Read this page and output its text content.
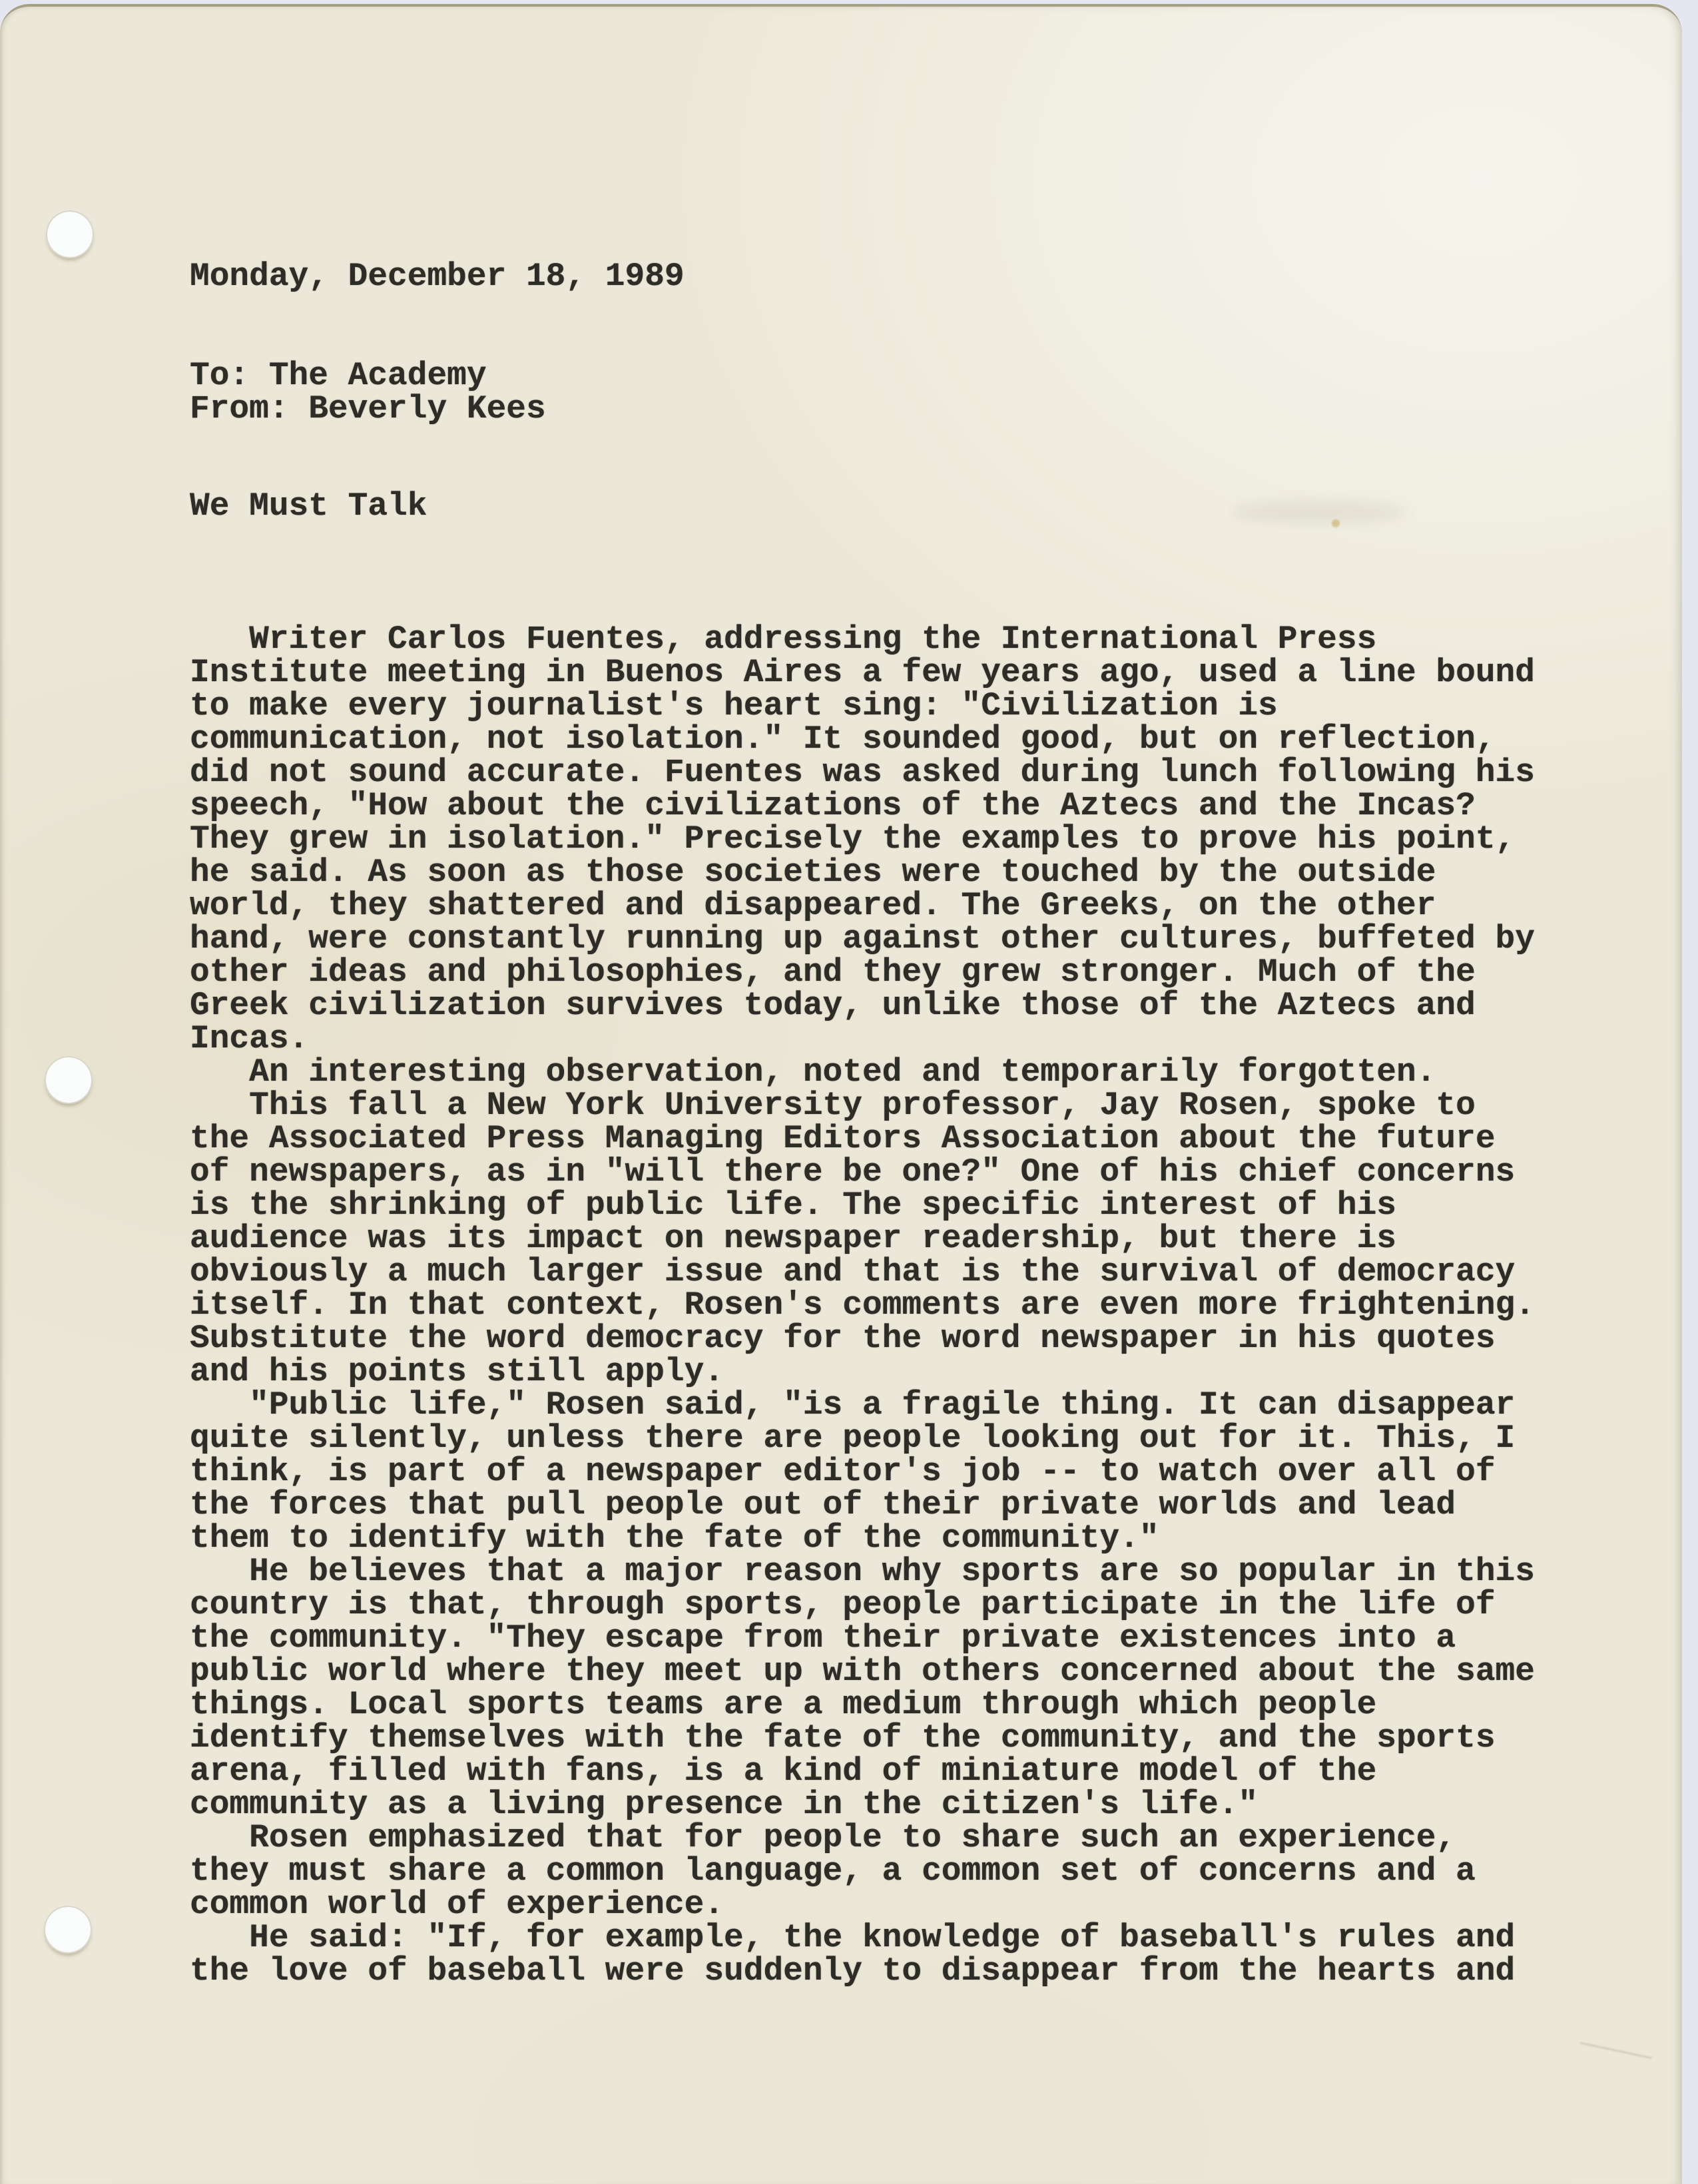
Monday, December 18, 1989
To: The Academy
From: Beverly Kees
We Must Talk
Writer Carlos Fuentes, addressing the International Press
Institute meeting in Buenos Aires a few years ago, used a line bound
to make every journalist's heart sing: "Civilization is
communication, not isolation." It sounded good, but on reflection,
did not sound accurate. Fuentes was asked during lunch following his
speech, "How about the civilizations of the Aztecs and the Incas?
They grew in isolation." Precisely the examples to prove his point,
he said. As soon as those societies were touched by the outside
world, they shattered and disappeared. The Greeks, on the other
hand, were constantly running up against other cultures, buffeted by
other ideas and philosophies, and they grew stronger. Much of the
Greek civilization survives today, unlike those of the Aztecs and
Incas.
An interesting observation, noted and temporarily forgotten.
This fall a New York University professor, Jay Rosen, spoke to
the Associated Press Managing Editors Association about the future
of newspapers, as in "will there be one?" One of his chief concerns
is the shrinking of public life. The specific interest of his
audience was its impact on newspaper readership, but there is
obviously a much larger issue and that is the survival of democracy
itself. In that context, Rosen's comments are even more frightening.
Substitute the word democracy for the word newspaper in his quotes
and his points still apply.
"Public life," Rosen said, "is a fragile thing. It can disappear
quite silently, unless there are people looking out for it. This, I
think, is part of a newspaper editor's job -- to watch over all of
the forces that pull people out of their private worlds and lead
them to identify with the fate of the community."
He believes that a major reason why sports are so popular in this
country is that, through sports, people participate in the life of
the community. "They escape from their private existences into a
public world where they meet up with others concerned about the same
things. Local sports teams are a medium through which people
identify themselves with the fate of the community, and the sports
arena, filled with fans, is a kind of miniature model of the
community as a living presence in the citizen's life."
Rosen emphasized that for people to share such an experience,
they must share a common language, a common set of concerns and a
common world of experience.
He said: "If, for example, the knowledge of baseball's rules and
the love of baseball were suddenly to disappear from the hearts and
